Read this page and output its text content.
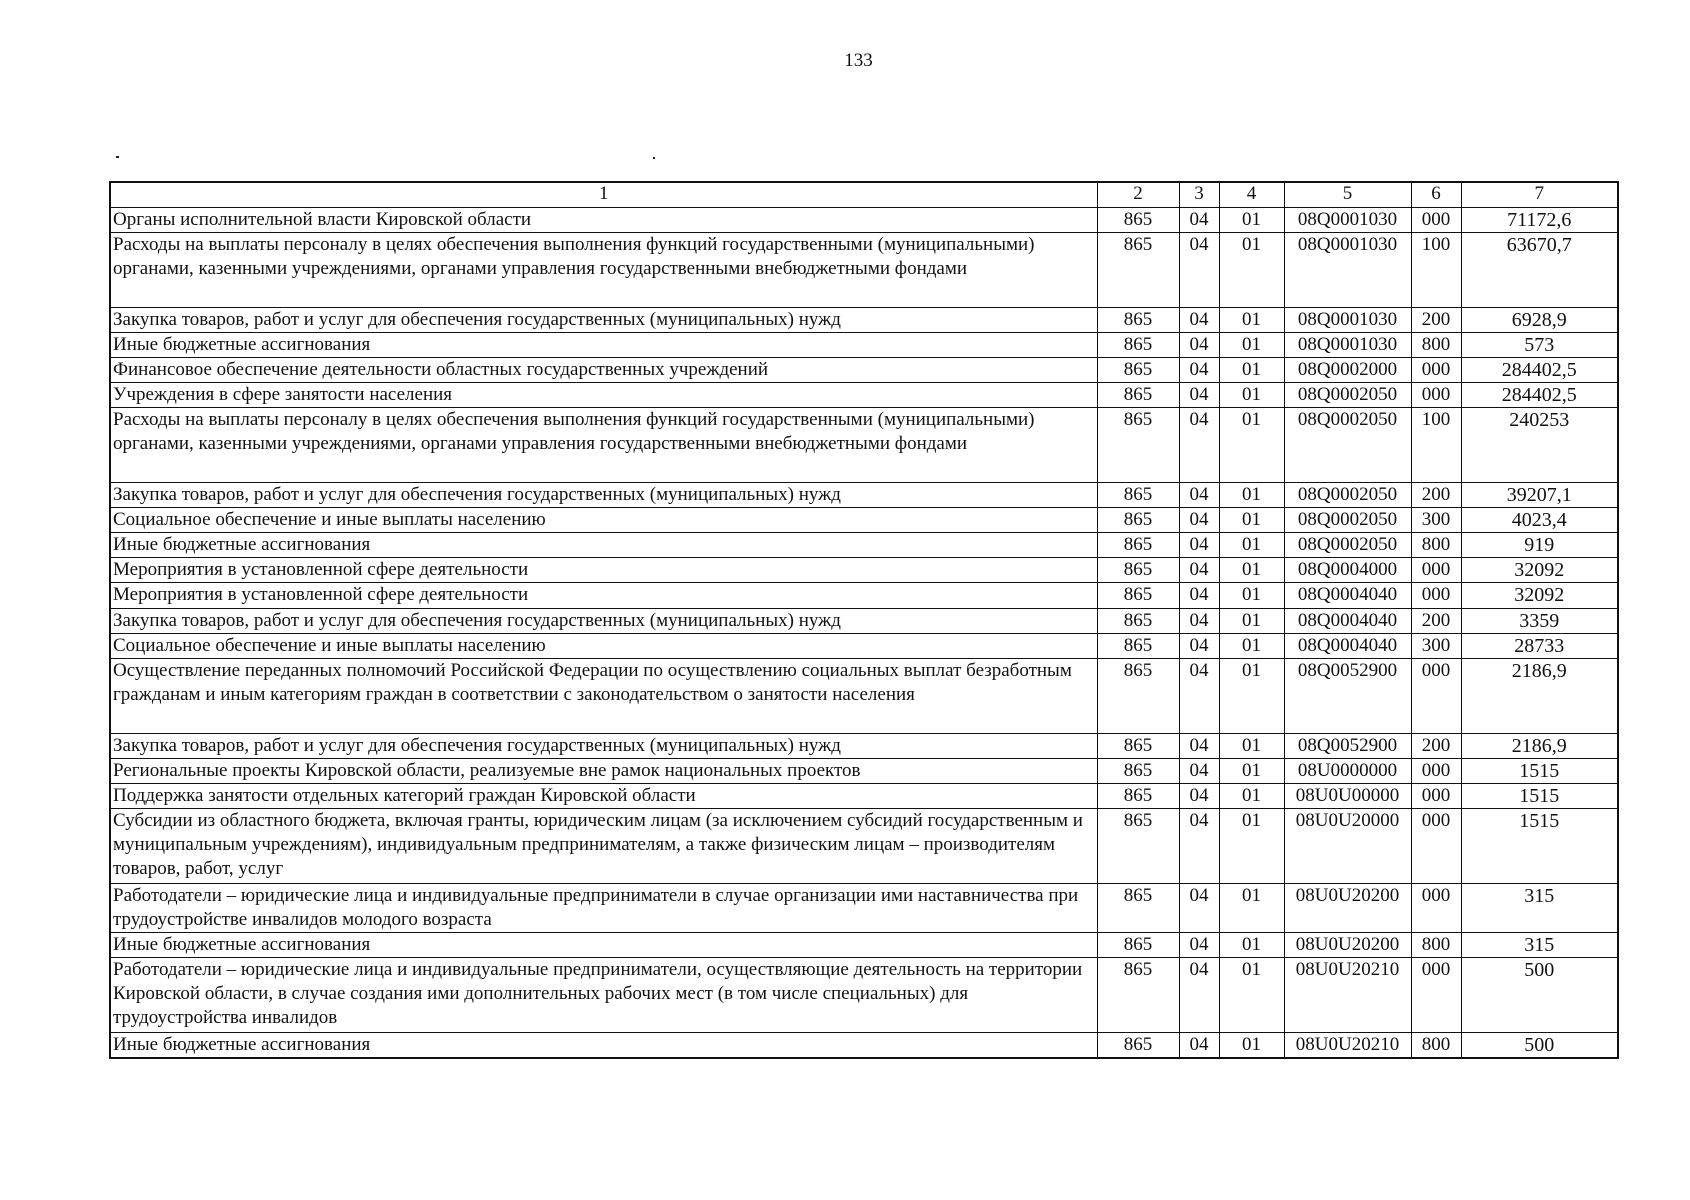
133
1	2	3	4	5	6	7
Органы исполнительной власти Кировской области	865	04	01	08Q0001030	000	71172,6
Расходы на выплаты персоналу в целях обеспечения выполнения функций государственными (муниципальными) органами, казенными учреждениями, органами управления государственными внебюджетными фондами	865	04	01	08Q0001030	100	63670,7
Закупка товаров, работ и услуг для обеспечения государственных (муниципальных) нужд	865	04	01	08Q0001030	200	6928,9
Иные бюджетные ассигнования	865	04	01	08Q0001030	800	573
Финансовое обеспечение деятельности областных государственных учреждений	865	04	01	08Q0002000	000	284402,5
Учреждения в сфере занятости населения	865	04	01	08Q0002050	000	284402,5
Расходы на выплаты персоналу в целях обеспечения выполнения функций государственными (муниципальными) органами, казенными учреждениями, органами управления государственными внебюджетными фондами	865	04	01	08Q0002050	100	240253
Закупка товаров, работ и услуг для обеспечения государственных (муниципальных) нужд	865	04	01	08Q0002050	200	39207,1
Социальное обеспечение и иные выплаты населению	865	04	01	08Q0002050	300	4023,4
Иные бюджетные ассигнования	865	04	01	08Q0002050	800	919
Мероприятия в установленной сфере деятельности	865	04	01	08Q0004000	000	32092
Мероприятия в установленной сфере деятельности	865	04	01	08Q0004040	000	32092
Закупка товаров, работ и услуг для обеспечения государственных (муниципальных) нужд	865	04	01	08Q0004040	200	3359
Социальное обеспечение и иные выплаты населению	865	04	01	08Q0004040	300	28733
Осуществление переданных полномочий Российской Федерации по осуществлению социальных выплат безработным гражданам и иным категориям граждан в соответствии с законодательством о занятости населения	865	04	01	08Q0052900	000	2186,9
Закупка товаров, работ и услуг для обеспечения государственных (муниципальных) нужд	865	04	01	08Q0052900	200	2186,9
Региональные проекты Кировской области, реализуемые вне рамок национальных проектов	865	04	01	08U0000000	000	1515
Поддержка занятости отдельных категорий граждан Кировской области	865	04	01	08U0U00000	000	1515
Субсидии из областного бюджета, включая гранты, юридическим лицам (за исключением субсидий государственным и муниципальным учреждениям), индивидуальным предпринимателям, а также физическим лицам – производителям товаров, работ, услуг	865	04	01	08U0U20000	000	1515
Работодатели – юридические лица и индивидуальные предприниматели в случае организации ими наставничества при трудоустройстве инвалидов молодого возраста	865	04	01	08U0U20200	000	315
Иные бюджетные ассигнования	865	04	01	08U0U20200	800	315
Работодатели – юридические лица и индивидуальные предприниматели, осуществляющие деятельность на территории Кировской области, в случае создания ими дополнительных рабочих мест (в том числе специальных) для трудоустройства инвалидов	865	04	01	08U0U20210	000	500
Иные бюджетные ассигнования	865	04	01	08U0U20210	800	500
